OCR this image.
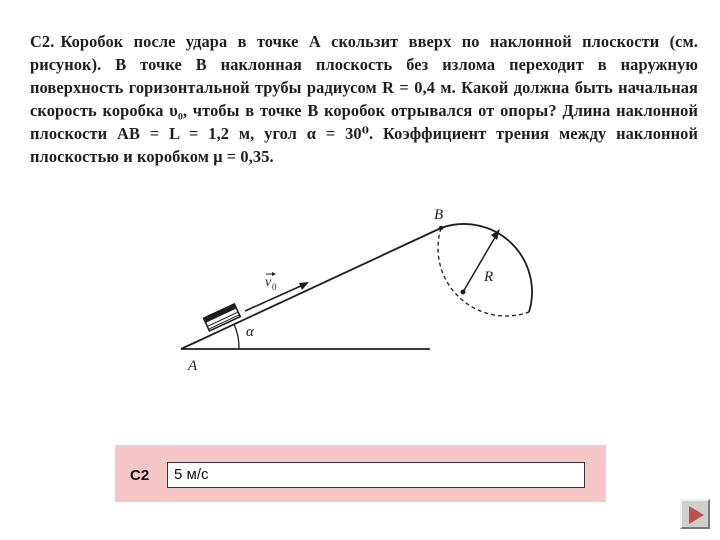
С2. Коробок после удара в точке А скользит вверх по наклонной плоскости (см. рисунок). В точке В наклонная плоскость без излома переходит в наружную поверхность горизонтальной трубы радиусом R = 0,4 м. Какой должна быть начальная скорость коробка υ₀, чтобы в точке В коробок отрывался от опоры? Длина наклонной плоскости АВ = L = 1,2 м, угол α = 30⁰. Коэффициент трения между наклонной плоскостью и коробком μ = 0,35.
B
R
A
α
v 0
С2	5 м/с
